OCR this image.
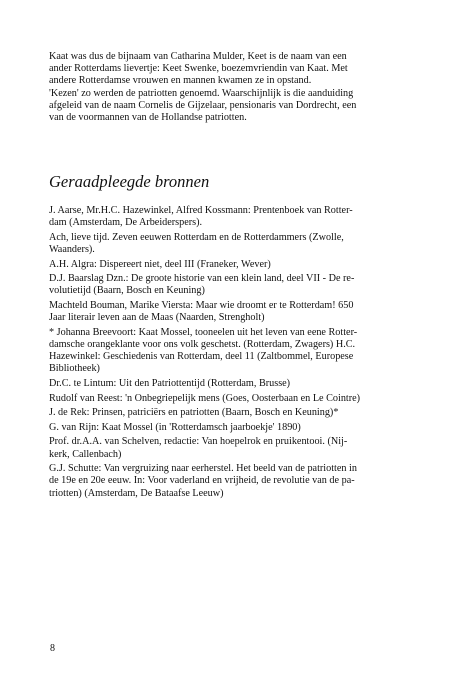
Kaat was dus de bijnaam van Catharina Mulder, Keet is de naam van een
ander Rotterdams lievertje: Keet Swenke, boezemvriendin van Kaat. Met
andere Rotterdamse vrouwen en mannen kwamen ze in opstand.
'Kezen' zo werden de patriotten genoemd. Waarschijnlijk is die aanduiding
afgeleid van de naam Cornelis de Gijzelaar, pensionaris van Dordrecht, een
van de voormannen van de Hollandse patriotten.

Geraadpleegde bronnen

J. Aarse, Mr.H.C. Hazewinkel, Alfred Kossmann: Prentenboek van Rotter-
dam (Amsterdam, De Arbeiderspers).

Ach, lieve tijd. Zeven eeuwen Rotterdam en de Rotterdammers (Zwolle,
Waanders).

A.H. Algra: Dispereert niet, deel III (Franeker, Wever)

D.J. Baarslag Dzn.: De groote historie van een klein land, deel VII - De re-
volutietijd (Baarn, Bosch en Keuning)

Machteld Bouman, Marike Viersta: Maar wie droomt er te Rotterdam! 650
Jaar literair leven aan de Maas (Naarden, Strengholt)

* Johanna Breevoort: Kaat Mossel, tooneelen uit het leven van eene Rotter-
damsche orangeklante voor ons volk geschetst. (Rotterdam, Zwagers) H.C.
Hazewinkel: Geschiedenis van Rotterdam, deel 11 (Zaltbommel, Europese
Bibliotheek)

Dr.C. te Lintum: Uit den Patriottentijd (Rotterdam, Brusse)

Rudolf van Reest: 'n Onbegriepelijk mens (Goes, Oosterbaan en Le Cointre)

J. de Rek: Prinsen, patriciërs en patriotten (Baarn, Bosch en Keuning)*

G. van Rijn: Kaat Mossel (in 'Rotterdamsch jaarboekje' 1890)

Prof. dr.A.A. van Schelven, redactie: Van hoepelrok en pruikentooi. (Nij-
kerk, Callenbach)

G.J. Schutte: Van vergruizing naar eerherstel. Het beeld van de patriotten in
de 19e en 20e eeuw. In: Voor vaderland en vrijheid, de revolutie van de pa-
triotten) (Amsterdam, De Bataafse Leeuw)

8
